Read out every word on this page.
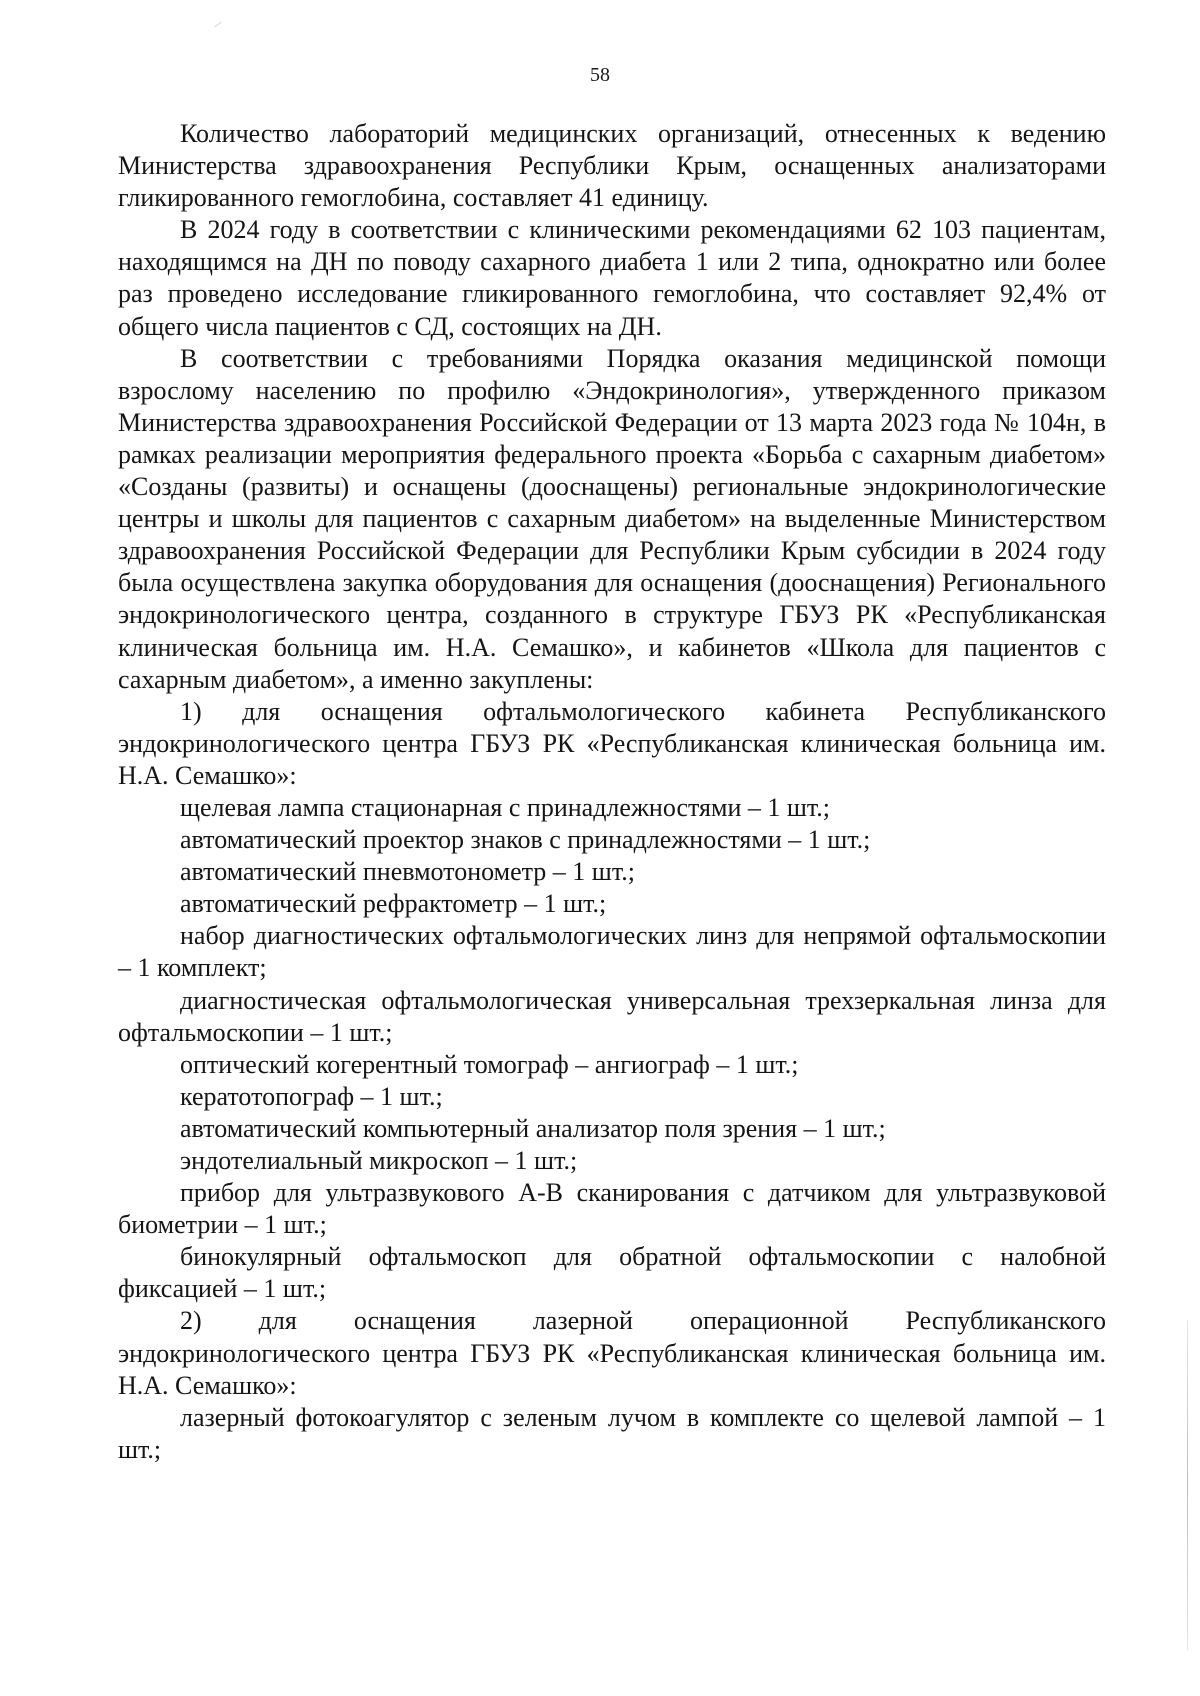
58

Количество лабораторий медицинских организаций, отнесенных к ведению Министерства здравоохранения Республики Крым, оснащенных анализаторами гликированного гемоглобина, составляет 41 единицу.

В 2024 году в соответствии с клиническими рекомендациями 62 103 пациентам, находящимся на ДН по поводу сахарного диабета 1 или 2 типа, однократно или более раз проведено исследование гликированного гемоглобина, что составляет 92,4% от общего числа пациентов с СД, состоящих на ДН.

В соответствии с требованиями Порядка оказания медицинской помощи взрослому населению по профилю «Эндокринология», утвержденного приказом Министерства здравоохранения Российской Федерации от 13 марта 2023 года № 104н, в рамках реализации мероприятия федерального проекта «Борьба с сахарным диабетом» «Созданы (развиты) и оснащены (дооснащены) региональные эндокринологические центры и школы для пациентов с сахарным диабетом» на выделенные Министерством здравоохранения Российской Федерации для Республики Крым субсидии в 2024 году была осуществлена закупка оборудования для оснащения (дооснащения) Регионального эндокринологического центра, созданного в структуре ГБУЗ РК «Республиканская клиническая больница им. Н.А. Семашко», и кабинетов «Школа для пациентов с сахарным диабетом», а именно закуплены:

1) для оснащения офтальмологического кабинета Республиканского эндокринологического центра ГБУЗ РК «Республиканская клиническая больница им. Н.А. Семашко»:

щелевая лампа стационарная с принадлежностями – 1 шт.;

автоматический проектор знаков с принадлежностями – 1 шт.;

автоматический пневмотонометр – 1 шт.;

автоматический рефрактометр – 1 шт.;

набор диагностических офтальмологических линз для непрямой офтальмоскопии – 1 комплект;

диагностическая офтальмологическая универсальная трехзеркальная линза для офтальмоскопии – 1 шт.;

оптический когерентный томограф – ангиограф – 1 шт.;

кератотопограф – 1 шт.;

автоматический компьютерный анализатор поля зрения – 1 шт.;

эндотелиальный микроскоп – 1 шт.;

прибор для ультразвукового А-В сканирования с датчиком для ультразвуковой биометрии – 1 шт.;

бинокулярный офтальмоскоп для обратной офтальмоскопии с налобной фиксацией – 1 шт.;

2) для оснащения лазерной операционной Республиканского эндокринологического центра ГБУЗ РК «Республиканская клиническая больница им. Н.А. Семашко»:

лазерный фотокоагулятор с зеленым лучом в комплекте со щелевой лампой – 1 шт.;
